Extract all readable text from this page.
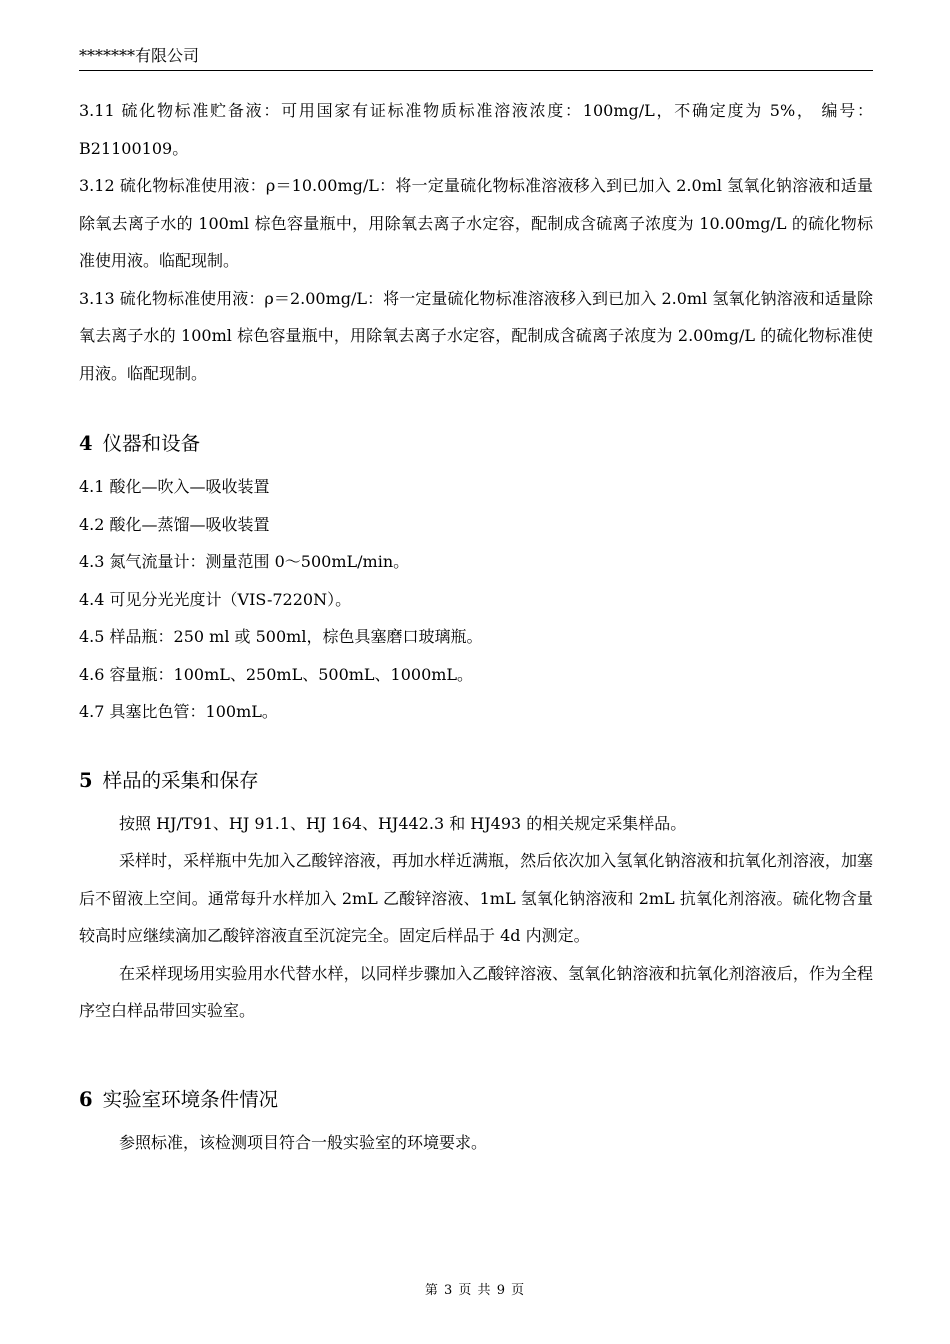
*******有限公司

3.11 硫化物标准贮备液：可用国家有证标准物质标准溶液浓度：100mg/L，不确定度为 5%， 编号：B21100109。

3.12 硫化物标准使用液：ρ＝10.00mg/L：将一定量硫化物标准溶液移入到已加入 2.0ml 氢氧化钠溶液和适量除氧去离子水的 100ml 棕色容量瓶中，用除氧去离子水定容，配制成含硫离子浓度为 10.00mg/L 的硫化物标准使用液。临配现制。

3.13 硫化物标准使用液：ρ＝2.00mg/L：将一定量硫化物标准溶液移入到已加入 2.0ml 氢氧化钠溶液和适量除氧去离子水的 100ml 棕色容量瓶中，用除氧去离子水定容，配制成含硫离子浓度为 2.00mg/L 的硫化物标准使用液。临配现制。

4 仪器和设备

4.1 酸化—吹入—吸收装置

4.2 酸化—蒸馏—吸收装置

4.3 氮气流量计：测量范围 0～500mL/min。

4.4 可见分光光度计（VIS-7220N）。

4.5 样品瓶：250 ml 或 500ml，棕色具塞磨口玻璃瓶。

4.6 容量瓶：100mL、250mL、500mL、1000mL。

4.7 具塞比色管：100mL。

5 样品的采集和保存

按照 HJ/T91、HJ 91.1、HJ 164、HJ442.3 和 HJ493 的相关规定采集样品。

采样时，采样瓶中先加入乙酸锌溶液，再加水样近满瓶，然后依次加入氢氧化钠溶液和抗氧化剂溶液，加塞后不留液上空间。通常每升水样加入 2mL 乙酸锌溶液、1mL 氢氧化钠溶液和 2mL 抗氧化剂溶液。硫化物含量较高时应继续滴加乙酸锌溶液直至沉淀完全。固定后样品于 4d 内测定。

在采样现场用实验用水代替水样，以同样步骤加入乙酸锌溶液、氢氧化钠溶液和抗氧化剂溶液后，作为全程序空白样品带回实验室。

6 实验室环境条件情况

参照标准，该检测项目符合一般实验室的环境要求。

第 3 页 共 9 页
